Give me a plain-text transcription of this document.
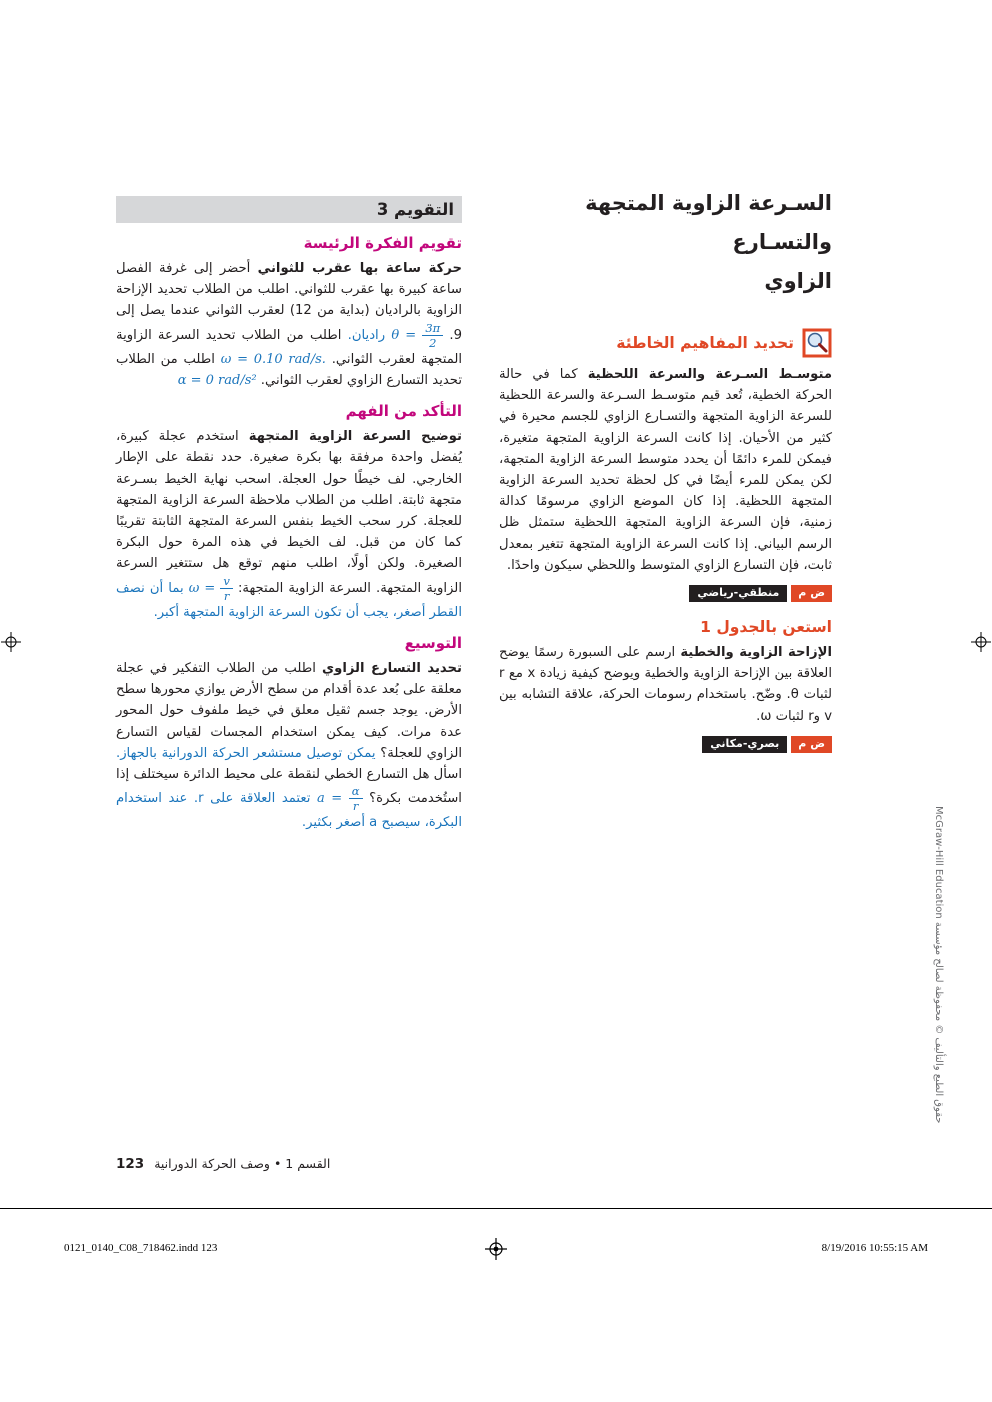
السـرعة الزاوية المتجهة والتسـارع
الزاوي
تحديد المفاهيم الخاطئة

متوسـط السـرعة والسرعة اللحظية كما في حالة الحركة الخطية، تُعد قيم متوسـط السـرعة والسرعة اللحظية للسرعة الزاوية المتجهة والتسـارع الزاوي للجسم محيرة في كثير من الأحيان. إذا كانت السرعة الزاوية المتجهة متغيرة، فيمكن للمرء دائمًا أن يحدد متوسط السرعة الزاوية المتجهة، لكن يمكن للمرء أيضًا في كل لحظة تحديد السرعة الزاوية المتجهة اللحظية. إذا كان الموضع الزاوي مرسومًا كدالة زمنية، فإن السرعة الزاوية المتجهة اللحظية ستمثل ظل الرسم البياني. إذا كانت السرعة الزاوية المتجهة تتغير بمعدل ثابت، فإن التسارع الزاوي المتوسط واللحظي سيكون واحدًا.

ض م
منطقي-رياضي
استعن بالجدول 1

الإزاحة الزاوية والخطية ارسم على السبورة رسمًا يوضح العلاقة بين الإزاحة الزاوية والخطية ويوضح كيفية زيادة x مع r لثبات θ. وضّح. باستخدام رسومات الحركة، علاقة التشابه بين v وr لثبات ω.

ض م
بصري-مكاني
التقويم 3
تقويم الفكرة الرئيسة

حركة ساعة بها عقرب للثواني أحضر إلى غرفة الفصل ساعة كبيرة بها عقرب للثواني. اطلب من الطلاب تحديد الإزاحة الزاوية بالراديان (بداية من 12) لعقرب الثواني عندما يصل إلى 9. $\theta = \frac{3\pi}{2}$
راديان. اطلب من الطلاب تحديد السرعة الزاوية المتجهة لعقرب الثواني. ω = 0.10 rad/s. اطلب من الطلاب تحديد التسارع الزاوي لعقرب الثواني. α = 0 rad/s²

التأكد من الفهم

توضيح السرعة الزاوية المتجهة استخدم عجلة كبيرة، يُفضل واحدة مرفقة بها بكرة صغيرة. حدد نقطة على الإطار الخارجي. لف خيطًا حول العجلة. اسحب نهاية الخيط بسـرعة متجهة ثابتة. اطلب من الطلاب ملاحظة السرعة الزاوية المتجهة للعجلة. كرر سحب الخيط بنفس السرعة المتجهة الثابتة تقريبًا كما كان من قبل. لف الخيط في هذه المرة حول البكرة الصغيرة. ولكن أولًا، اطلب منهم توقع هل ستتغير السرعة الزاوية المتجهة. السرعة الزاوية المتجهة: $\omega = \frac{v}{r}$
بما أن نصف القطر أصغر، يجب أن تكون السرعة الزاوية المتجهة أكبر.

التوسيع

تحديد التسارع الزاوي اطلب من الطلاب التفكير في عجلة معلقة على بُعد عدة أقدام من سطح الأرض يوازي محورها سطح الأرض. يوجد جسم ثقيل معلق في خيط ملفوف حول المحور عدة مرات. كيف يمكن استخدام المجسات لقياس التسارع الزاوي للعجلة؟ يمكن توصيل مستشعر الحركة الدورانية بالجهاز. اسأل هل التسارع الخطي لنقطة على محيط الدائرة سيختلف إذا استُخدمت بكرة؟ $a = \frac{\alpha}{r}$
تعتمد العلاقة على r. عند استخدام البكرة، سيصبح a أصغر بكثير.

123 القسم 1 • وصف الحركة الدورانية
0121_0140_C08_718462.indd 123	8/19/2016 10:55:15 AM
حقوق الطبع والتأليف © محفوظة لصالح مؤسسة McGraw-Hill Education
